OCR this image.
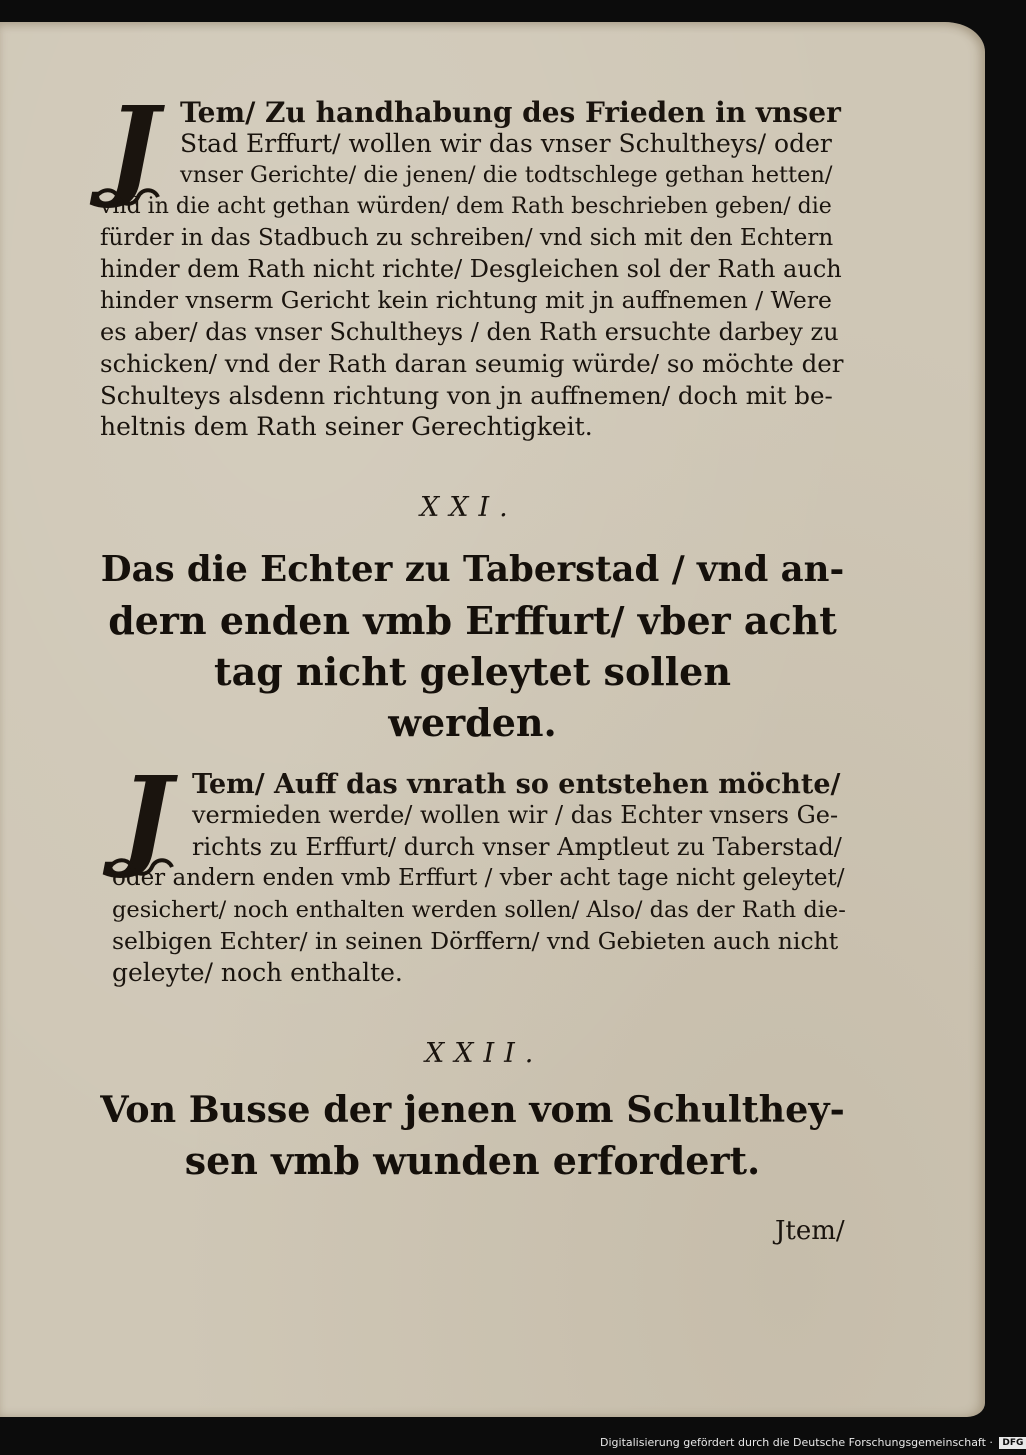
J Tem/ Zu handhabung des Frieden in vnser
Stad Erffurt/ wollen wir das vnser Schultheys/ oder
vnser Gerichte/ die jenen/ die todtschlege gethan hetten/
vnd in die acht gethan würden/ dem Rath beschrieben geben/ die
fürder in das Stadbuch zu schreiben/ vnd sich mit den Echtern
hinder dem Rath nicht richte/ Desgleichen sol der Rath auch
hinder vnserm Gericht kein richtung mit jn auffnemen / Were
es aber/ das vnser Schultheys / den Rath ersuchte darbey zu
schicken/ vnd der Rath daran seumig würde/ so möchte der
Schulteys alsdenn richtung von jn auffnemen/ doch mit be-
heltnis dem Rath seiner Gerechtigkeit.
XXI.
Das die Echter zu Taberstad / vnd an-
dern enden vmb Erffurt/ vber acht
tag nicht geleytet sollen
werden.
J Tem/ Auff das vnrath so entstehen möchte/
vermieden werde/ wollen wir / das Echter vnsers Ge-
richts zu Erffurt/ durch vnser Amptleut zu Taberstad/
oder andern enden vmb Erffurt / vber acht tage nicht geleytet/
gesichert/ noch enthalten werden sollen/ Also/ das der Rath die-
selbigen Echter/ in seinen Dörffern/ vnd Gebieten auch nicht
geleyte/ noch enthalte.
XXII.
Von Busse der jenen vom Schulthey-
sen vmb wunden erfordert.
Jtem/
Digitalisierung gefördert durch die Deutsche Forschungsgemeinschaft · DFG
